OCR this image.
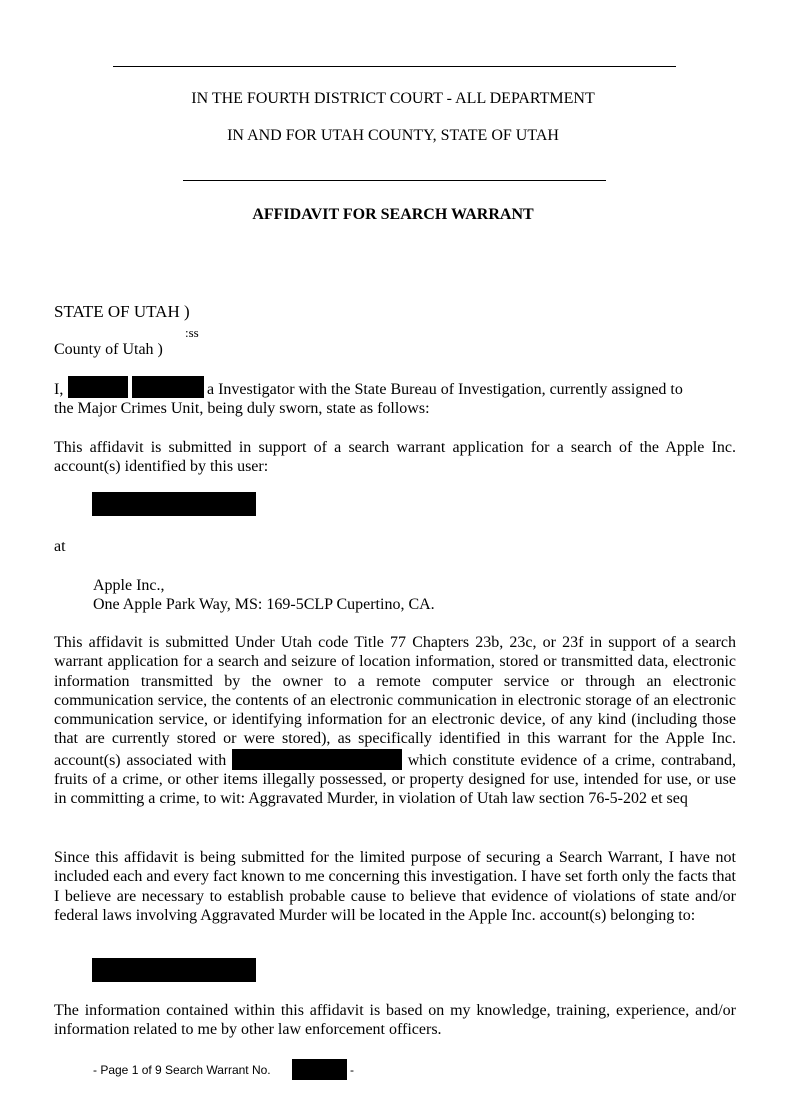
IN THE FOURTH DISTRICT COURT - ALL DEPARTMENT
IN AND FOR UTAH COUNTY, STATE OF UTAH
AFFIDAVIT FOR SEARCH WARRANT
STATE OF UTAH )
:ss
County of Utah )
I,	a Investigator with the State Bureau of Investigation, currently assigned to
the Major Crimes Unit, being duly sworn, state as follows:
This affidavit is submitted in support of a search warrant application for a search of the Apple Inc. account(s) identified by this user:
at
Apple Inc.,
One Apple Park Way, MS: 169-5CLP Cupertino, CA.
This affidavit is submitted Under Utah code Title 77 Chapters 23b, 23c, or 23f in support of a search warrant application for a search and seizure of location information, stored or transmitted data, electronic information transmitted by the owner to a remote computer service or through an electronic communication service, the contents of an electronic communication in electronic storage of an electronic communication service, or identifying information for an electronic device, of any kind (including those that are currently stored or were stored), as specifically identified in this warrant for the Apple Inc. account(s) associated with	which constitute evidence of a crime, contraband, fruits of a crime, or other items illegally possessed, or property designed for use, intended for use, or use in committing a crime, to wit: Aggravated Murder, in violation of Utah law section 76-5-202 et seq
Since this affidavit is being submitted for the limited purpose of securing a Search Warrant, I have not included each and every fact known to me concerning this investigation. I have set forth only the facts that I believe are necessary to establish probable cause to believe that evidence of violations of state and/or federal laws involving Aggravated Murder will be located in the Apple Inc. account(s) belonging to:
The information contained within this affidavit is based on my knowledge, training, experience, and/or information related to me by other law enforcement officers.
- Page 1 of 9 Search Warrant No.	-
